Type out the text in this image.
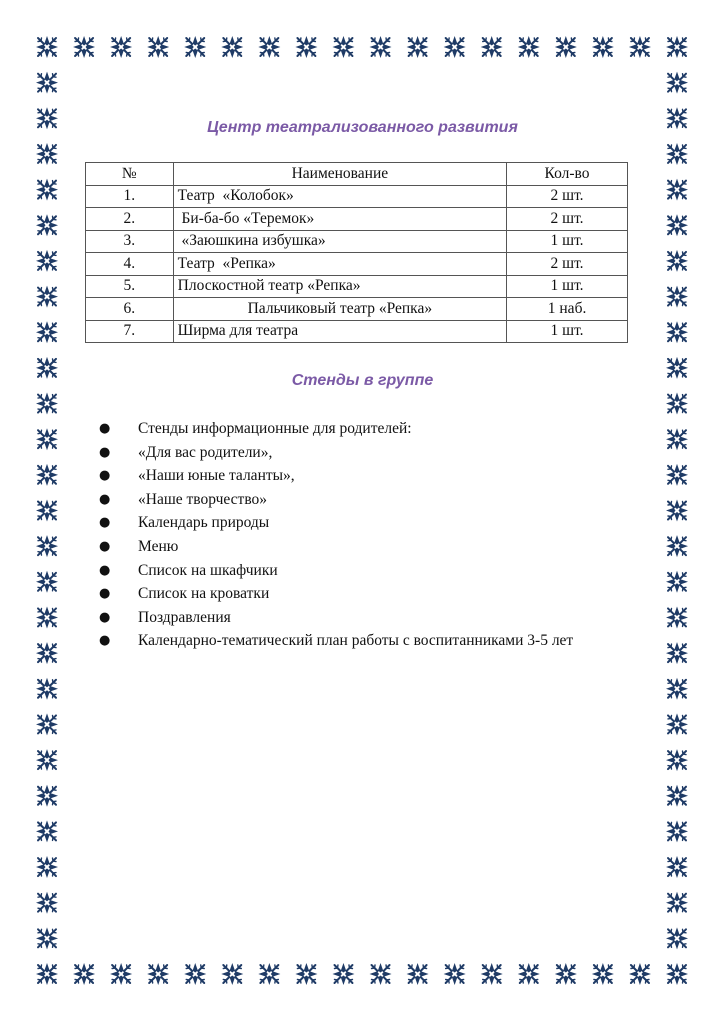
Центр театрализованного развития
№	Наименование	Кол-во
1.	Театр  «Колобок»	2 шт.
2.	Би-ба-бо «Теремок»	2 шт.
3.	«Заюшкина избушка»	1 шт.
4.	Театр  «Репка»	2 шт.
5.	Плоскостной театр «Репка»	1 шт.
6.	Пальчиковый театр «Репка»	1 наб.
7.	Ширма для театра	1 шт.
Стенды в группе
● Стенды информационные для родителей:
● «Для вас родители»,
● «Наши юные таланты»,
● «Наше творчество»
● Календарь природы
● Меню
● Список на шкафчики
● Список на кроватки
● Поздравления
● Календарно-тематический план работы с воспитанниками 3-5 лет
